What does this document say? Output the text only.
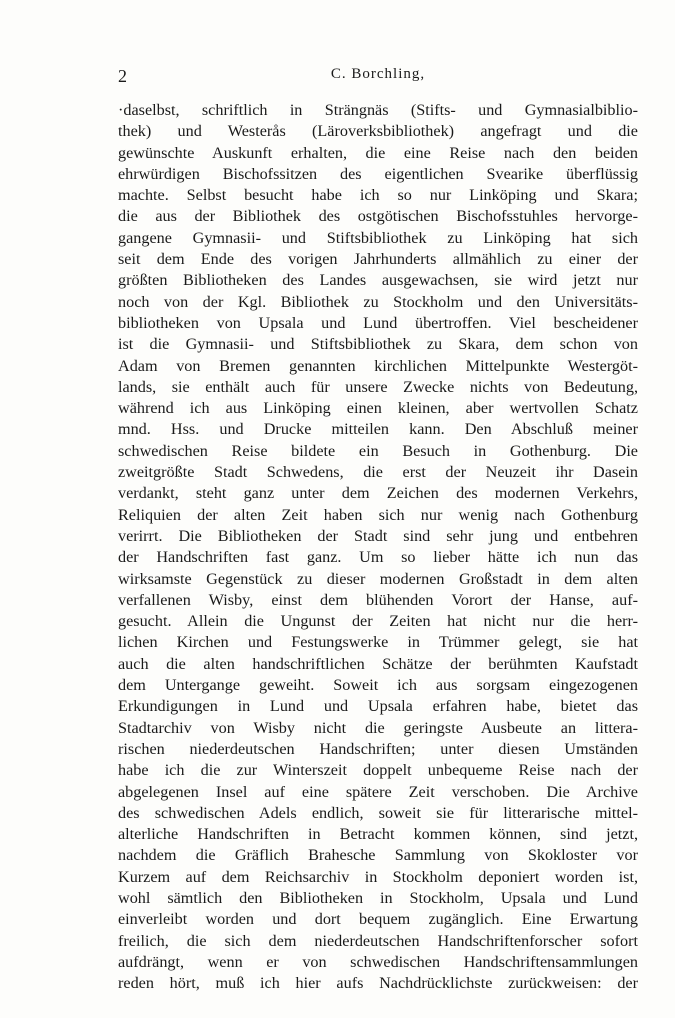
2	C. Borchling,
·daselbst, schriftlich in Strängnäs (Stifts- und Gymnasialbiblio-
thek) und Westerås (Läroverksbibliothek) angefragt und die
gewünschte Auskunft erhalten, die eine Reise nach den beiden
ehrwürdigen Bischofssitzen des eigentlichen Svearike überflüssig
machte. Selbst besucht habe ich so nur Linköping und Skara;
die aus der Bibliothek des ostgötischen Bischofsstuhles hervorge-
gangene Gymnasii- und Stiftsbibliothek zu Linköping hat sich
seit dem Ende des vorigen Jahrhunderts allmählich zu einer der
größten Bibliotheken des Landes ausgewachsen, sie wird jetzt nur
noch von der Kgl. Bibliothek zu Stockholm und den Universitäts-
bibliotheken von Upsala und Lund übertroffen. Viel bescheidener
ist die Gymnasii- und Stiftsbibliothek zu Skara, dem schon von
Adam von Bremen genannten kirchlichen Mittelpunkte Westergöt-
lands, sie enthält auch für unsere Zwecke nichts von Bedeutung,
während ich aus Linköping einen kleinen, aber wertvollen Schatz
mnd. Hss. und Drucke mitteilen kann. Den Abschluß meiner
schwedischen Reise bildete ein Besuch in Gothenburg. Die
zweitgrößte Stadt Schwedens, die erst der Neuzeit ihr Dasein
verdankt, steht ganz unter dem Zeichen des modernen Verkehrs,
Reliquien der alten Zeit haben sich nur wenig nach Gothenburg
verirrt. Die Bibliotheken der Stadt sind sehr jung und entbehren
der Handschriften fast ganz. Um so lieber hätte ich nun das
wirksamste Gegenstück zu dieser modernen Großstadt in dem alten
verfallenen Wisby, einst dem blühenden Vorort der Hanse, auf-
gesucht. Allein die Ungunst der Zeiten hat nicht nur die herr-
lichen Kirchen und Festungswerke in Trümmer gelegt, sie hat
auch die alten handschriftlichen Schätze der berühmten Kaufstadt
dem Untergange geweiht. Soweit ich aus sorgsam eingezogenen
Erkundigungen in Lund und Upsala erfahren habe, bietet das
Stadtarchiv von Wisby nicht die geringste Ausbeute an littera-
rischen niederdeutschen Handschriften; unter diesen Umständen
habe ich die zur Winterszeit doppelt unbequeme Reise nach der
abgelegenen Insel auf eine spätere Zeit verschoben. Die Archive
des schwedischen Adels endlich, soweit sie für litterarische mittel-
alterliche Handschriften in Betracht kommen können, sind jetzt,
nachdem die Gräflich Brahesche Sammlung von Skokloster vor
Kurzem auf dem Reichsarchiv in Stockholm deponiert worden ist,
wohl sämtlich den Bibliotheken in Stockholm, Upsala und Lund
einverleibt worden und dort bequem zugänglich. Eine Erwartung
freilich, die sich dem niederdeutschen Handschriftenforscher sofort
aufdrängt, wenn er von schwedischen Handschriftensammlungen
reden hört, muß ich hier aufs Nachdrücklichste zurückweisen: der
